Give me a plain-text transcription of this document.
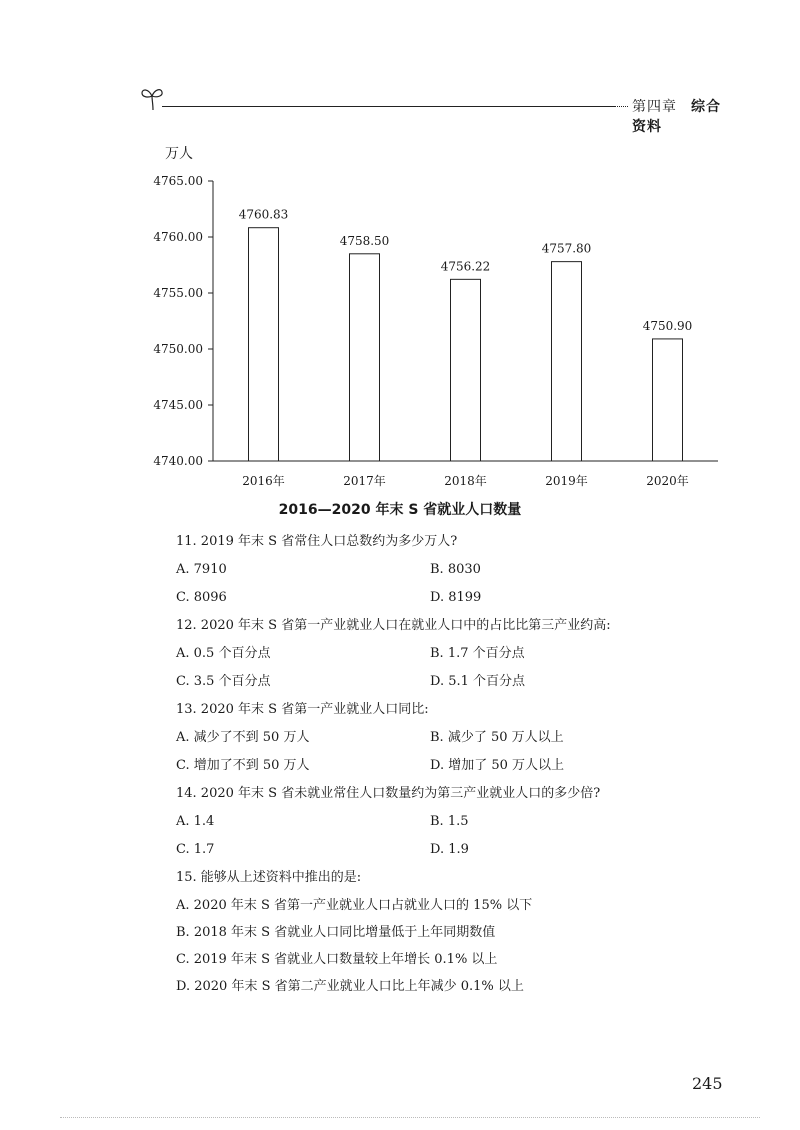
第四章 综合资料
万人
4740.00
4745.00
4750.00
4755.00
4760.00
4765.00
4760.83
4758.50
4756.22
4757.80
4750.90
2016年	2017年	2018年	2019年	2020年
2016—2020 年末 S 省就业人口数量
11. 2019 年末 S 省常住人口总数约为多少万人?
A. 7910	B. 8030
C. 8096	D. 8199
12. 2020 年末 S 省第一产业就业人口在就业人口中的占比比第三产业约高:
A. 0.5 个百分点	B. 1.7 个百分点
C. 3.5 个百分点	D. 5.1 个百分点
13. 2020 年末 S 省第一产业就业人口同比:
A. 减少了不到 50 万人	B. 减少了 50 万人以上
C. 增加了不到 50 万人	D. 增加了 50 万人以上
14. 2020 年末 S 省未就业常住人口数量约为第三产业就业人口的多少倍?
A. 1.4	B. 1.5
C. 1.7	D. 1.9
15. 能够从上述资料中推出的是:
A. 2020 年末 S 省第一产业就业人口占就业人口的 15% 以下
B. 2018 年末 S 省就业人口同比增量低于上年同期数值
C. 2019 年末 S 省就业人口数量较上年增长 0.1% 以上
D. 2020 年末 S 省第二产业就业人口比上年减少 0.1% 以上
245
